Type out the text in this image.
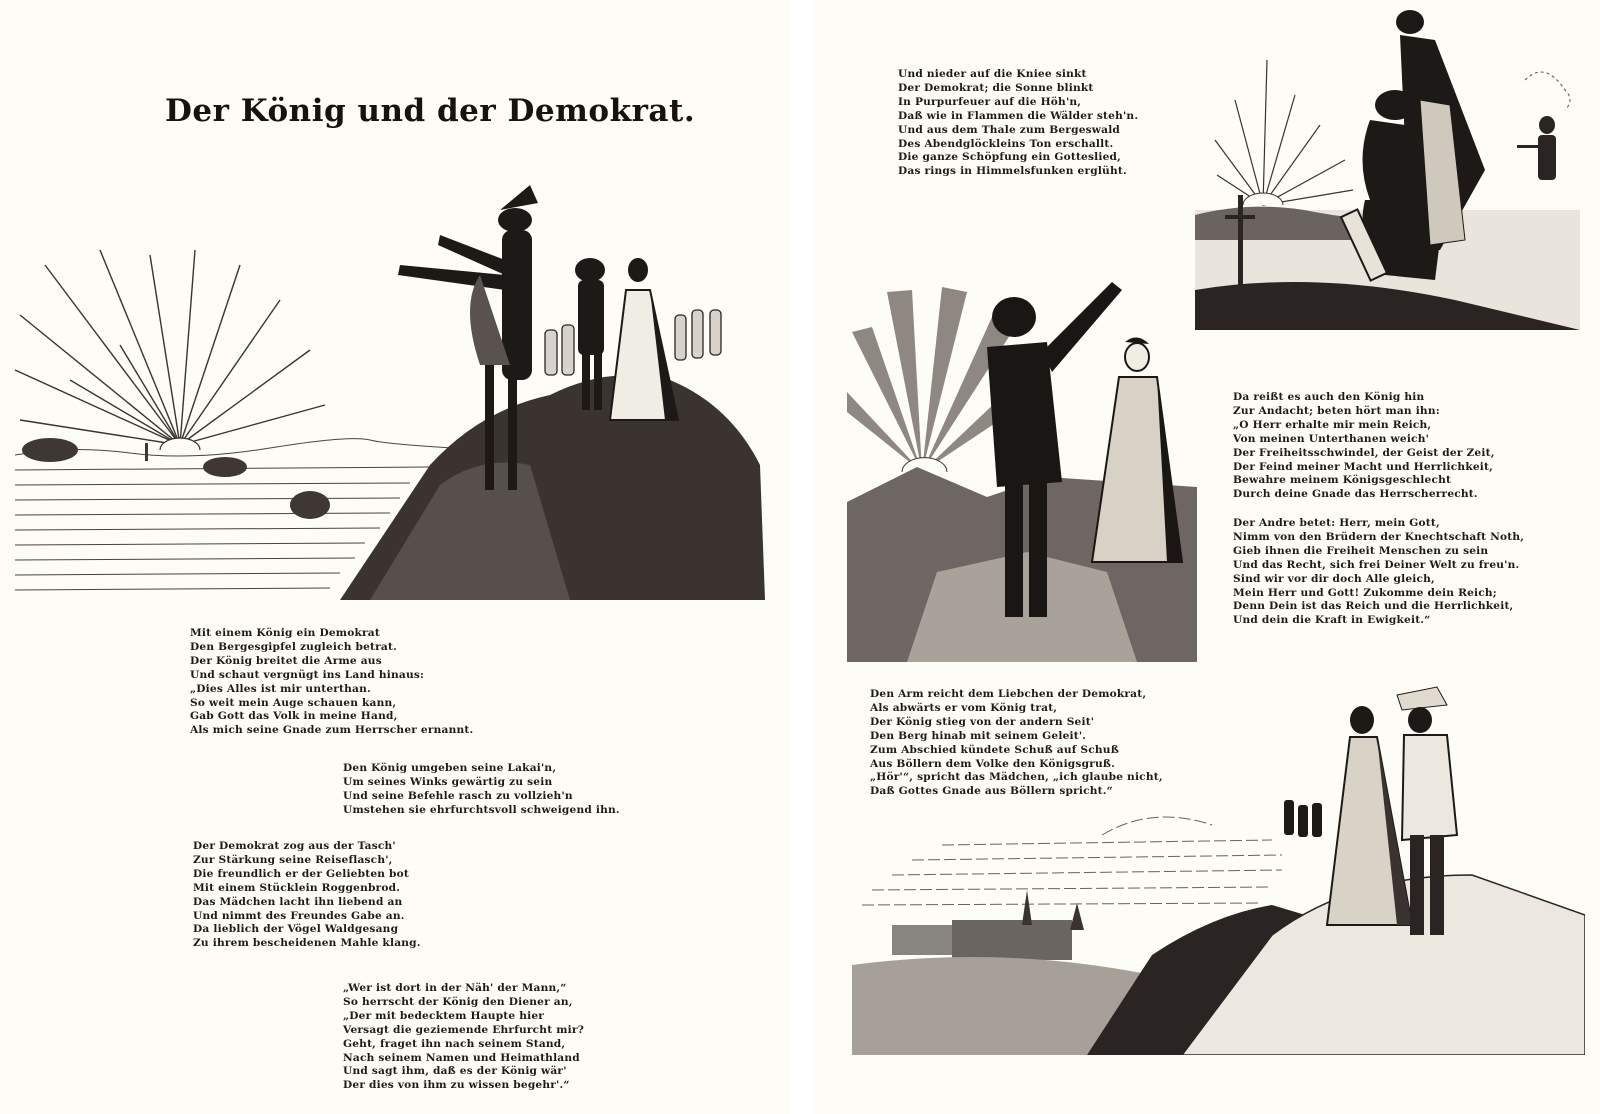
Der König und der Demokrat.
Mit einem König ein Demokrat
Den Bergesgipfel zugleich betrat.
Der König breitet die Arme aus
Und schaut vergnügt ins Land hinaus:
„Dies Alles ist mir unterthan.
So weit mein Auge schauen kann,
Gab Gott das Volk in meine Hand,
Als mich seine Gnade zum Herrscher ernannt.
Den König umgeben seine Lakai'n,
Um seines Winks gewärtig zu sein
Und seine Befehle rasch zu vollzieh'n
Umstehen sie ehrfurchtsvoll schweigend ihn.
Der Demokrat zog aus der Tasch'
Zur Stärkung seine Reiseflasch',
Die freundlich er der Geliebten bot
Mit einem Stücklein Roggenbrod.
Das Mädchen lacht ihn liebend an
Und nimmt des Freundes Gabe an.
Da lieblich der Vögel Waldgesang
Zu ihrem bescheidenen Mahle klang.
„Wer ist dort in der Näh' der Mann,“
So herrscht der König den Diener an,
„Der mit bedecktem Haupte hier
Versagt die geziemende Ehrfurcht mir?
Geht, fraget ihn nach seinem Stand,
Nach seinem Namen und Heimathland
Und sagt ihm, daß es der König wär'
Der dies von ihm zu wissen begehr'.“
Und nieder auf die Kniee sinkt
Der Demokrat; die Sonne blinkt
In Purpurfeuer auf die Höh'n,
Daß wie in Flammen die Wälder steh'n.
Und aus dem Thale zum Bergeswald
Des Abendglöckleins Ton erschallt.
Die ganze Schöpfung ein Gotteslied,
Das rings in Himmelsfunken erglüht.
Da reißt es auch den König hin
Zur Andacht; beten hört man ihn:
„O Herr erhalte mir mein Reich,
Von meinen Unterthanen weich'
Der Freiheitsschwindel, der Geist der Zeit,
Der Feind meiner Macht und Herrlichkeit,
Bewahre meinem Königsgeschlecht
Durch deine Gnade das Herrscherrecht.
Der Andre betet: Herr, mein Gott,
Nimm von den Brüdern der Knechtschaft Noth,
Gieb ihnen die Freiheit Menschen zu sein
Und das Recht, sich frei Deiner Welt zu freu'n.
Sind wir vor dir doch Alle gleich,
Mein Herr und Gott! Zukomme dein Reich;
Denn Dein ist das Reich und die Herrlichkeit,
Und dein die Kraft in Ewigkeit.“
Den Arm reicht dem Liebchen der Demokrat,
Als abwärts er vom König trat,
Der König stieg von der andern Seit'
Den Berg hinab mit seinem Geleit'.
Zum Abschied kündete Schuß auf Schuß
Aus Böllern dem Volke den Königsgruß.
„Hör'“, spricht das Mädchen, „ich glaube nicht,
Daß Gottes Gnade aus Böllern spricht.“
